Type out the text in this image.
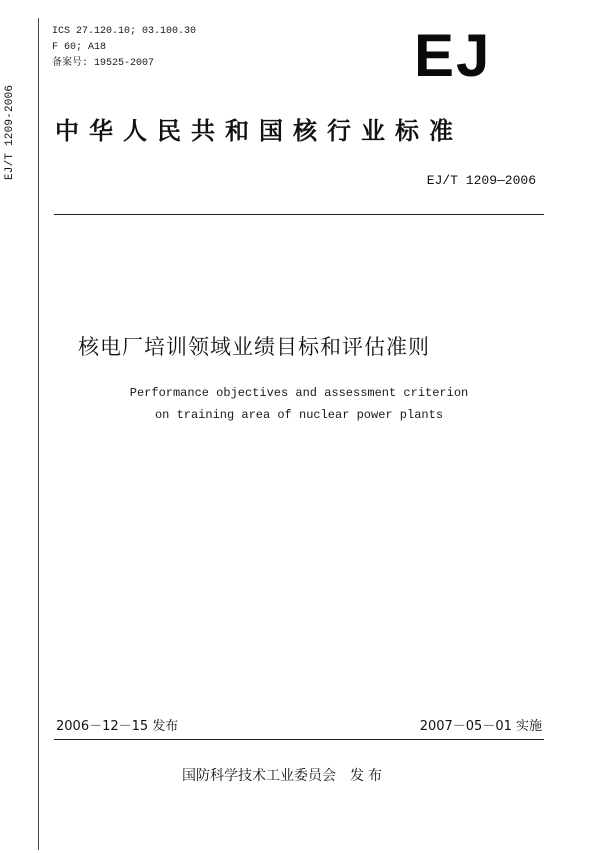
EJ/T 1209-2006
ICS 27.120.10; 03.100.30
F 60; A18
备案号: 19525-2007	EJ
中华人民共和国核行业标准
EJ/T 1209—2006
核电厂培训领域业绩目标和评估准则
Performance objectives and assessment criterion
on training area of nuclear power plants
2006－12－15 发布	2007－05－01 实施
国防科学技术工业委员会 发布
